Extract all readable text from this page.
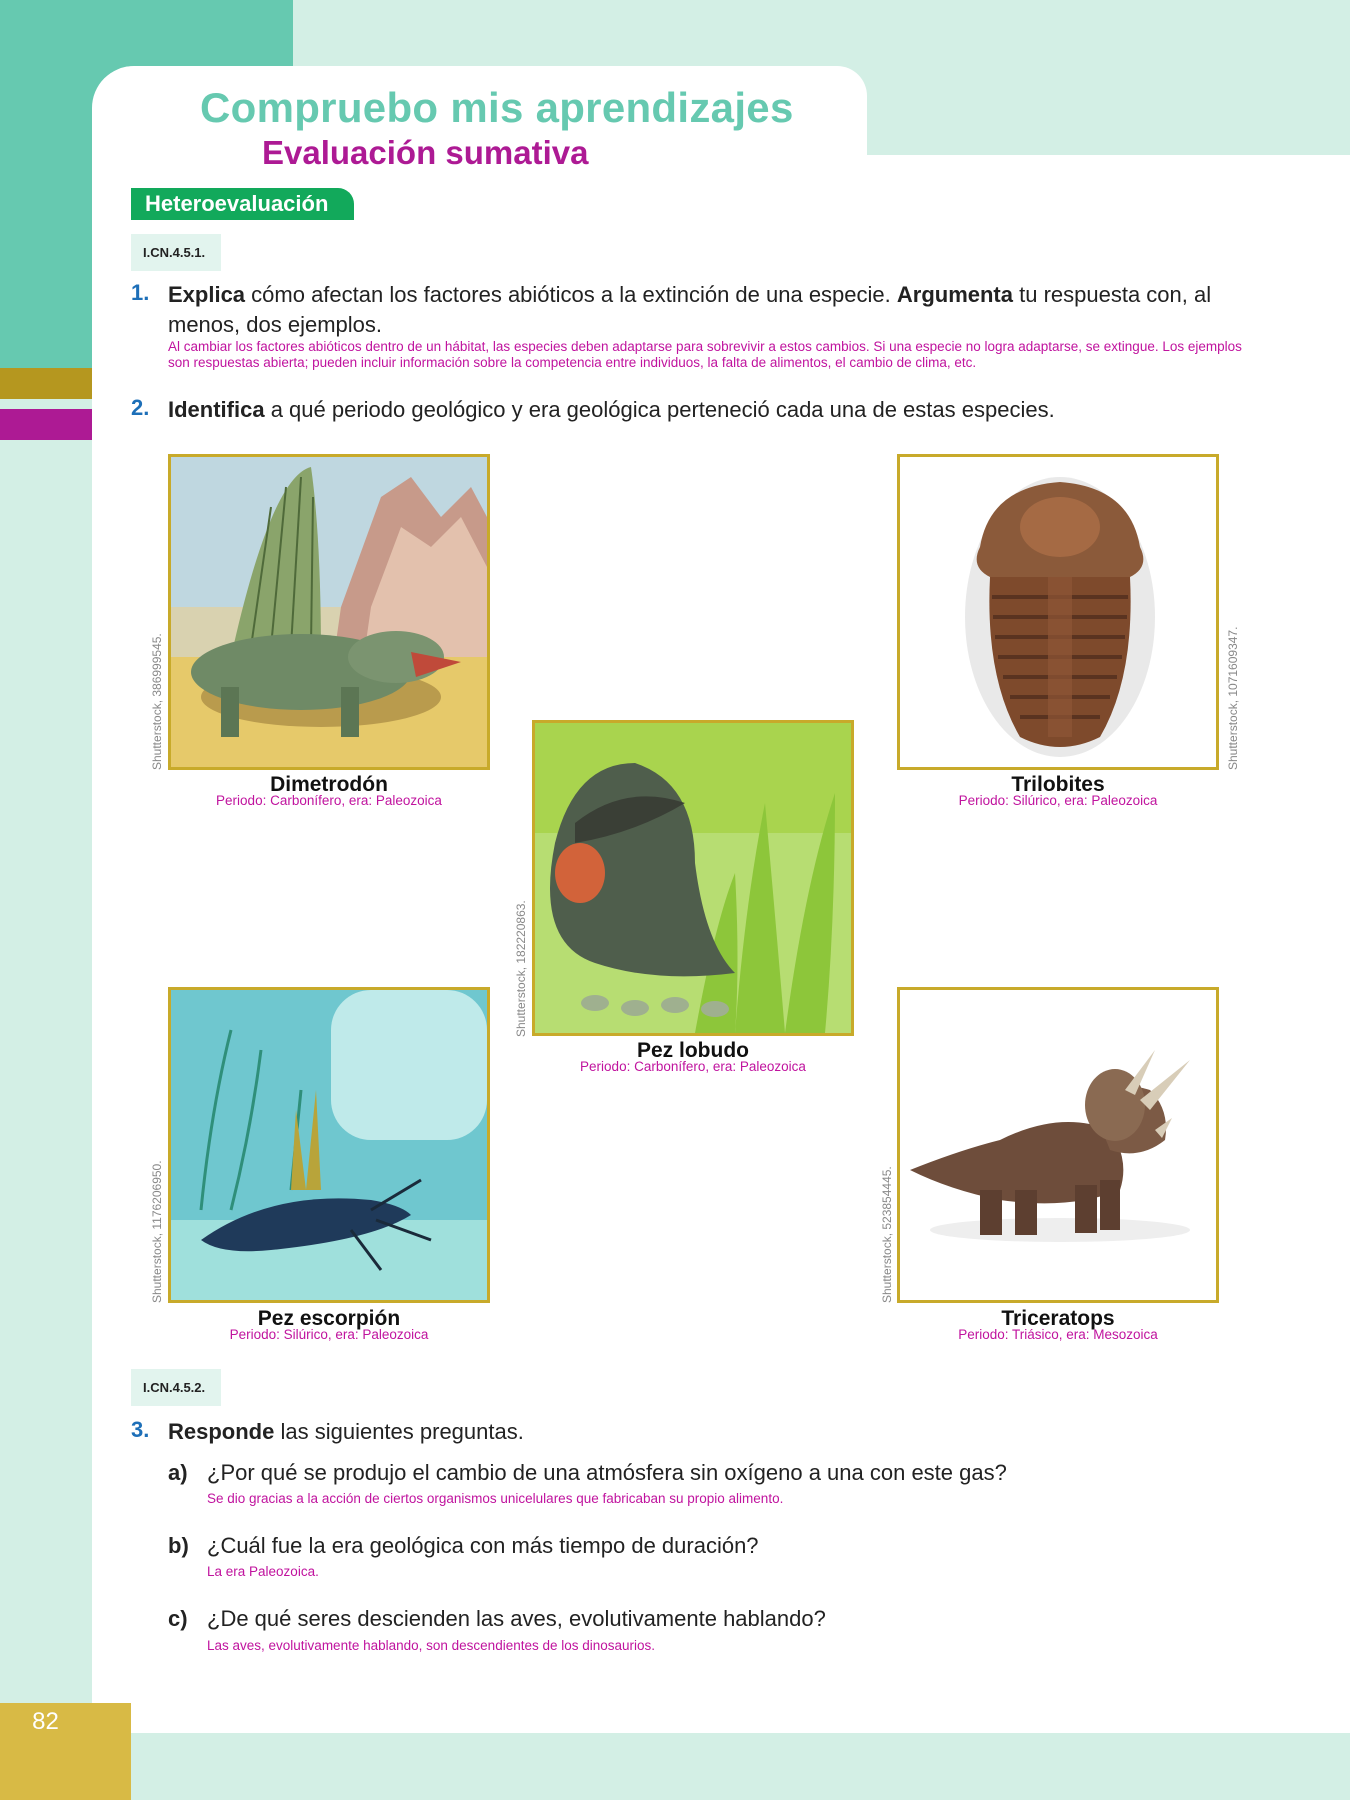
82
Compruebo mis aprendizajes
Evaluación sumativa
Heteroevaluación
I.CN.4.5.1.
1. Explica cómo afectan los factores abióticos a la extinción de una especie. Argumenta tu respuesta con, al menos, dos ejemplos.
Al cambiar los factores abióticos dentro de un hábitat, las especies deben adaptarse para sobrevivir a estos cambios. Si una especie no logra adaptarse, se extingue. Los ejemplos son respuestas abierta; pueden incluir información sobre la competencia entre individuos, la falta de alimentos, el cambio de clima, etc.
2. Identifica a qué periodo geológico y era geológica perteneció cada una de estas especies.
Shutterstock, 386999545.
Dimetrodón
Periodo: Carbonífero, era: Paleozoica
Shutterstock, 182220863.
Pez lobudo
Periodo: Carbonífero, era: Paleozoica
Shutterstock, 1071609347.
Trilobites
Periodo: Silúrico, era: Paleozoica
Shutterstock, 1176206950.
Pez escorpión
Periodo: Silúrico, era: Paleozoica
Shutterstock, 523854445.
Triceratops
Periodo: Triásico, era: Mesozoica
I.CN.4.5.2.
3. Responde las siguientes preguntas.
a) ¿Por qué se produjo el cambio de una atmósfera sin oxígeno a una con este gas?
Se dio gracias a la acción de ciertos organismos unicelulares que fabricaban su propio alimento.
b) ¿Cuál fue la era geológica con más tiempo de duración?
La era Paleozoica.
c) ¿De qué seres descienden las aves, evolutivamente hablando?
Las aves, evolutivamente hablando, son descendientes de los dinosaurios.
